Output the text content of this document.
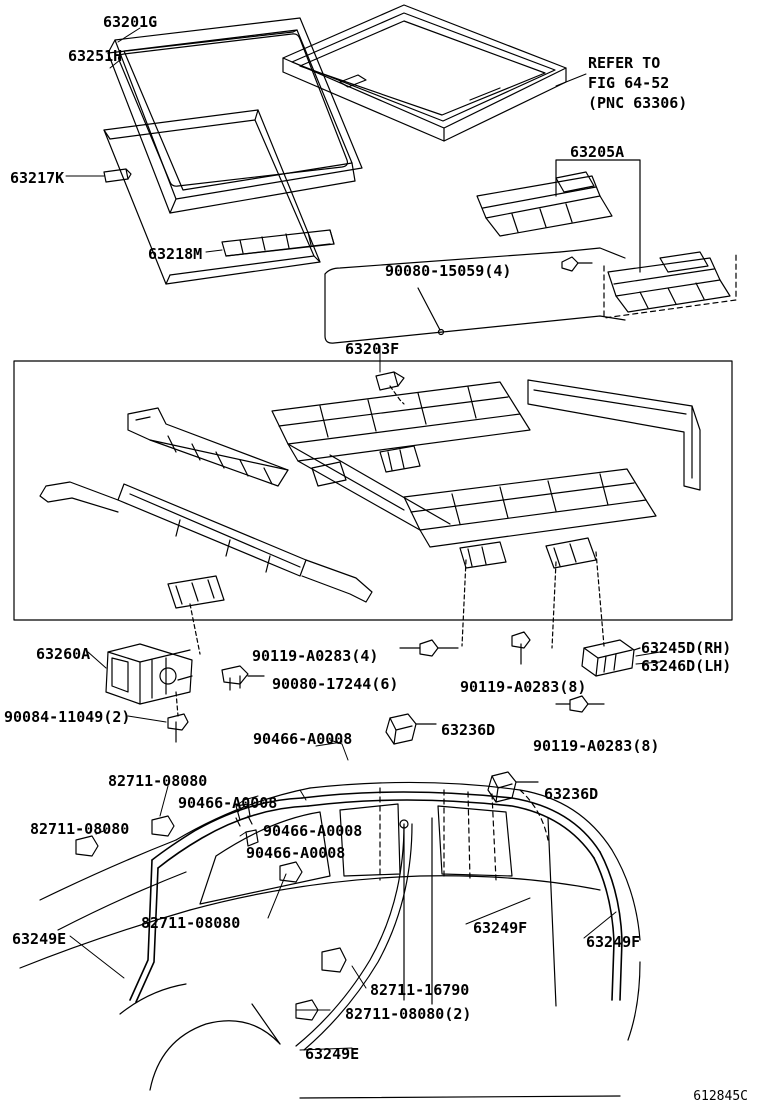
63201G
63251H
63217K
63218M
63205A
90080-15059(4)
63203F
63260A	90119-A0283(4)
90080-17244(6)	90119-A0283(8)
63245D(RH)
63246D(LH)
90084-11049(2)
90466-A0008	63236D
90119-A0283(8)
82711-08080
90466-A0008	63236D
82711-08080	90466-A0008
90466-A0008
82711-08080	63249F
63249F
63249E
82711-16790
82711-08080(2)
63249E
REFER TO
FIG 64-52
(PNC 63306)
612845C
